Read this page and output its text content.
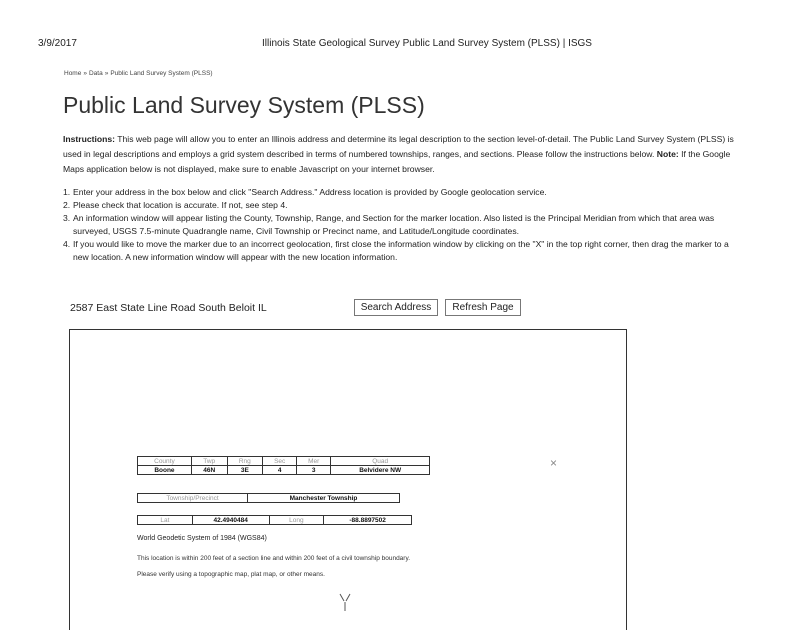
3/9/2017	Illinois State Geological Survey Public Land Survey System (PLSS) | ISGS
Home » Data » Public Land Survey System (PLSS)
Public Land Survey System (PLSS)

Instructions: This web page will allow you to enter an Illinois address and determine its legal description to the section level-of-detail. The Public Land Survey System (PLSS) is used in legal descriptions and employs a grid system described in terms of numbered townships, ranges, and sections. Please follow the instructions below. Note: If the Google Maps application below is not displayed, make sure to enable Javascript on your internet browser.

1. Enter your address in the box below and click "Search Address." Address location is provided by Google geolocation service.
2. Please check that location is accurate. If not, see step 4.
3. An information window will appear listing the County, Township, Range, and Section for the marker location. Also listed is the Principal Meridian from which that area was surveyed, USGS 7.5-minute Quadrangle name, Civil Township or Precinct name, and Latitude/Longitude coordinates.
4. If you would like to move the marker due to an incorrect geolocation, first close the information window by clicking on the "X" in the top right corner, then drag the marker to a new location. A new information window will appear with the new location information.
2587 East State Line Road South Beloit IL
Search Address	Refresh Page
×
County	Twp	Rng	Sec	Mer	Quad
Boone	46N	3E	4	3	Belvidere NW
Township/Precinct	Manchester Township
Lat	42.4940484	Long	-88.8897502
World Geodetic System of 1984 (WGS84)
This location is within 200 feet of a section line and within 200 feet of a civil township boundary.
Please verify using a topographic map, plat map, or other means.
